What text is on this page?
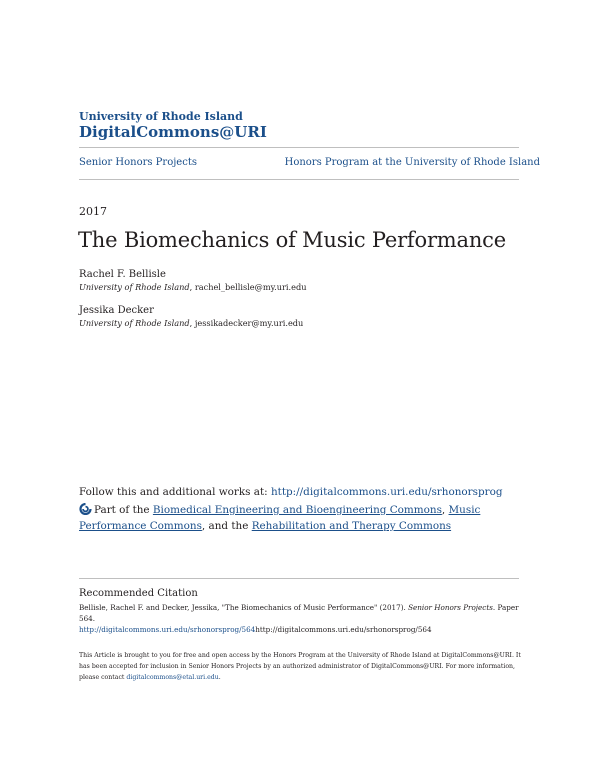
University of Rhode Island
DigitalCommons@URI
Senior Honors Projects	Honors Program at the University of Rhode Island
2017
The Biomechanics of Music Performance
Rachel F. Bellisle
University of Rhode Island, rachel_bellisle@my.uri.edu
Jessika Decker
University of Rhode Island, jessikadecker@my.uri.edu
Follow this and additional works at: http://digitalcommons.uri.edu/srhonorsprog
Part of the Biomedical Engineering and Bioengineering Commons, Music Performance Commons, and the Rehabilitation and Therapy Commons
Recommended Citation
Bellisle, Rachel F. and Decker, Jessika, "The Biomechanics of Music Performance" (2017). Senior Honors Projects. Paper 564.
http://digitalcommons.uri.edu/srhonorsprog/564http://digitalcommons.uri.edu/srhonorsprog/564
This Article is brought to you for free and open access by the Honors Program at the University of Rhode Island at DigitalCommons@URI. It has been accepted for inclusion in Senior Honors Projects by an authorized administrator of DigitalCommons@URI. For more information, please contact digitalcommons@etal.uri.edu.
